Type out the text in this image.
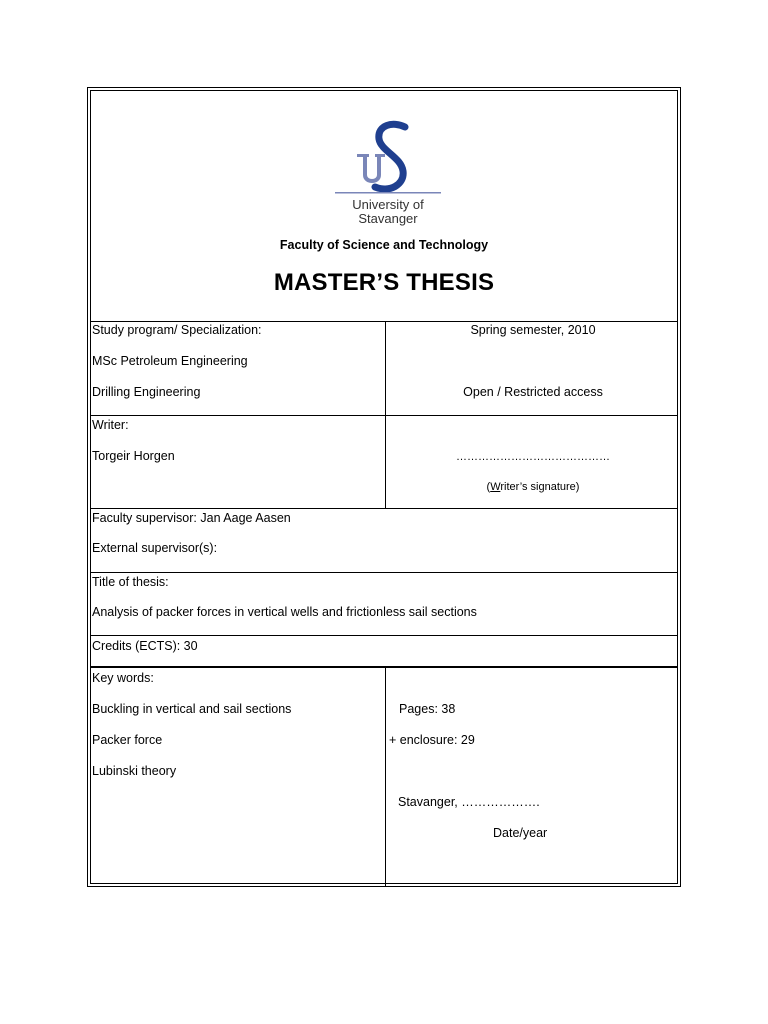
University of
Stavanger
Faculty of Science and Technology
MASTER’S THESIS
Study program/ Specialization:
MSc Petroleum Engineering
Drilling Engineering
Spring semester, 2010
Open / Restricted access
Writer:
Torgeir Horgen	……………………………………
(Writer’s signature)
Faculty supervisor: Jan Aage Aasen
External supervisor(s):
Title of thesis:
Analysis of packer forces in vertical wells and frictionless sail sections
Credits (ECTS): 30
Key words:
Buckling in vertical and sail sections
Packer force
Lubinski theory
Pages: 38
+ enclosure: 29
Stavanger, ……………….
Date/year
